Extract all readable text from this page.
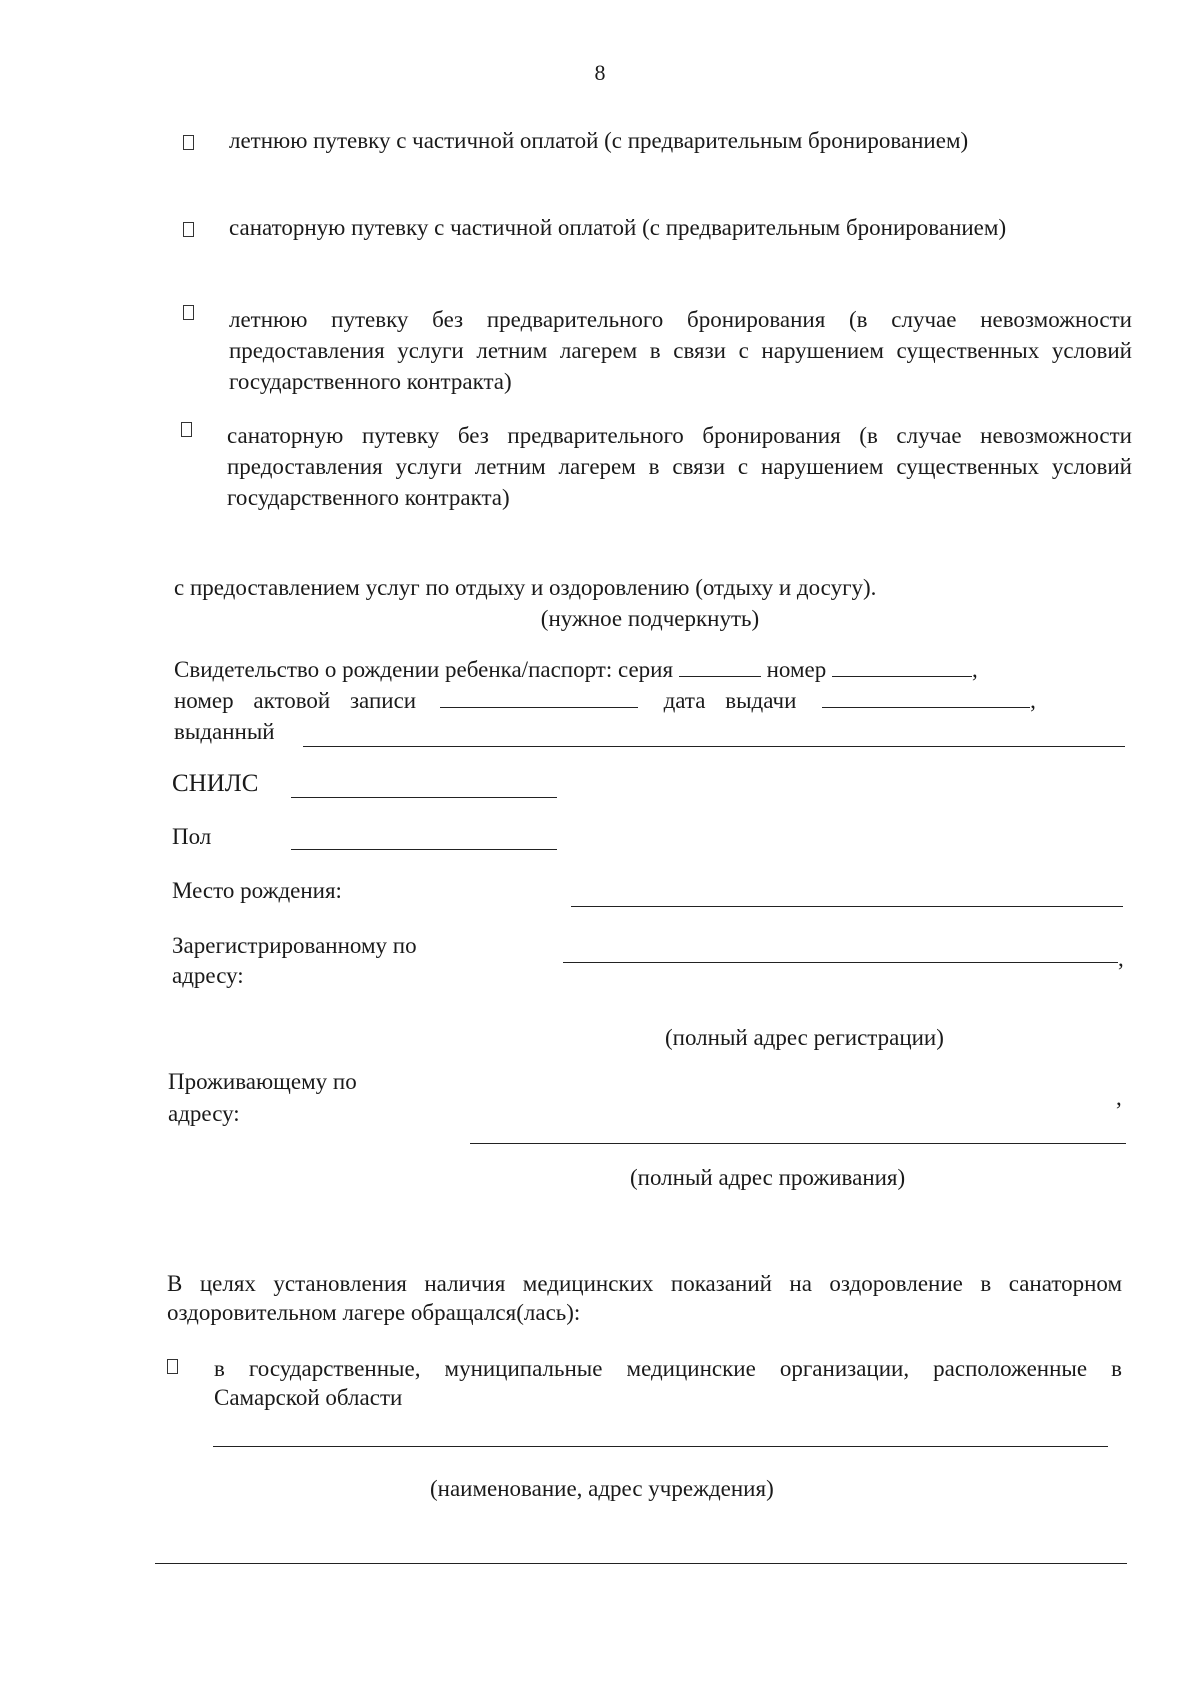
8
летнюю путевку с частичной оплатой (с предварительным бронированием)
санаторную путевку с частичной оплатой (с предварительным бронированием)
летнюю путевку без предварительного бронирования (в случае невозможности предоставления услуги летним лагерем в связи с нарушением существенных условий государственного контракта)
санаторную путевку без предварительного бронирования (в случае невозможности предоставления услуги летним лагерем в связи с нарушением существенных условий государственного контракта)
с предоставлением услуг по отдыху и оздоровлению (отдыху и досугу).
(нужное подчеркнуть)
Свидетельство о рождении ребенка/паспорт: серия	номер	,
номер актовой записи	дата выдачи	,
выданный
СНИЛС
Пол
Место рождения:
Зарегистрированному по
адресу:
,
(полный адрес регистрации)
Проживающему по
адресу:
,
(полный адрес проживания)
В целях установления наличия медицинских показаний на оздоровление в санаторном оздоровительном лагере обращался(лась):
в государственные, муниципальные медицинские организации, расположенные в Самарской области
(наименование, адрес учреждения)
